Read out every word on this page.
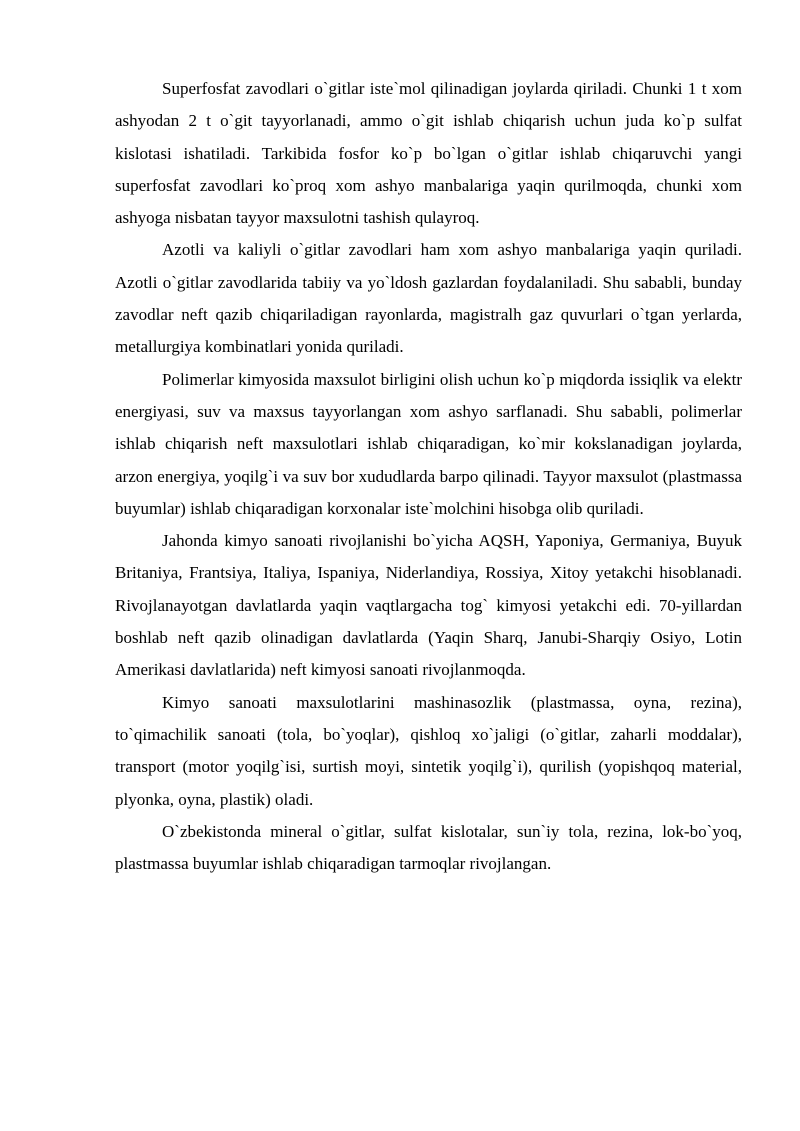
Superfosfat zavodlari o`gitlar iste`mol qilinadigan joylarda qiriladi. Chunki 1 t xom ashyodan 2 t o`git tayyorlanadi, ammo o`git ishlab chiqarish uchun juda ko`p sulfat kislotasi ishatiladi. Tarkibida fosfor ko`p bo`lgan o`gitlar ishlab chiqaruvchi yangi superfosfat zavodlari ko`proq xom ashyo manbalariga yaqin qurilmoqda, chunki xom ashyoga nisbatan tayyor maxsulotni tashish qulayroq.

Azotli va kaliyli o`gitlar zavodlari ham xom ashyo manbalariga yaqin quriladi. Azotli o`gitlar zavodlarida tabiiy va yo`ldosh gazlardan foydalaniladi. Shu sababli, bunday zavodlar neft qazib chiqariladigan rayonlarda, magistralh gaz quvurlari o`tgan yerlarda, metallurgiya kombinatlari yonida quriladi.

Polimerlar kimyosida maxsulot birligini olish uchun ko`p miqdorda issiqlik va elektr energiyasi, suv va maxsus tayyorlangan xom ashyo sarflanadi. Shu sababli, polimerlar ishlab chiqarish neft maxsulotlari ishlab chiqaradigan, ko`mir kokslanadigan joylarda, arzon energiya, yoqilg`i va suv bor xududlarda barpo qilinadi. Tayyor maxsulot (plastmassa buyumlar) ishlab chiqaradigan korxonalar iste`molchini hisobga olib quriladi.

Jahonda kimyo sanoati rivojlanishi bo`yicha AQSH, Yaponiya, Germaniya, Buyuk Britaniya, Frantsiya, Italiya, Ispaniya, Niderlandiya, Rossiya, Xitoy yetakchi hisoblanadi. Rivojlanayotgan davlatlarda yaqin vaqtlargacha tog` kimyosi yetakchi edi. 70-yillardan boshlab neft qazib olinadigan davlatlarda (Yaqin Sharq, Janubi-Sharqiy Osiyo, Lotin Amerikasi davlatlarida) neft kimyosi sanoati rivojlanmoqda.

Kimyo sanoati maxsulotlarini mashinasozlik (plastmassa, oyna, rezina), to`qimachilik sanoati (tola, bo`yoqlar), qishloq xo`jaligi (o`gitlar, zaharli moddalar), transport (motor yoqilg`isi, surtish moyi, sintetik yoqilg`i), qurilish (yopishqoq material, plyonka, oyna, plastik) oladi.

O`zbekistonda mineral o`gitlar, sulfat kislotalar, sun`iy tola, rezina, lok-bo`yoq, plastmassa buyumlar ishlab chiqaradigan tarmoqlar rivojlangan.
